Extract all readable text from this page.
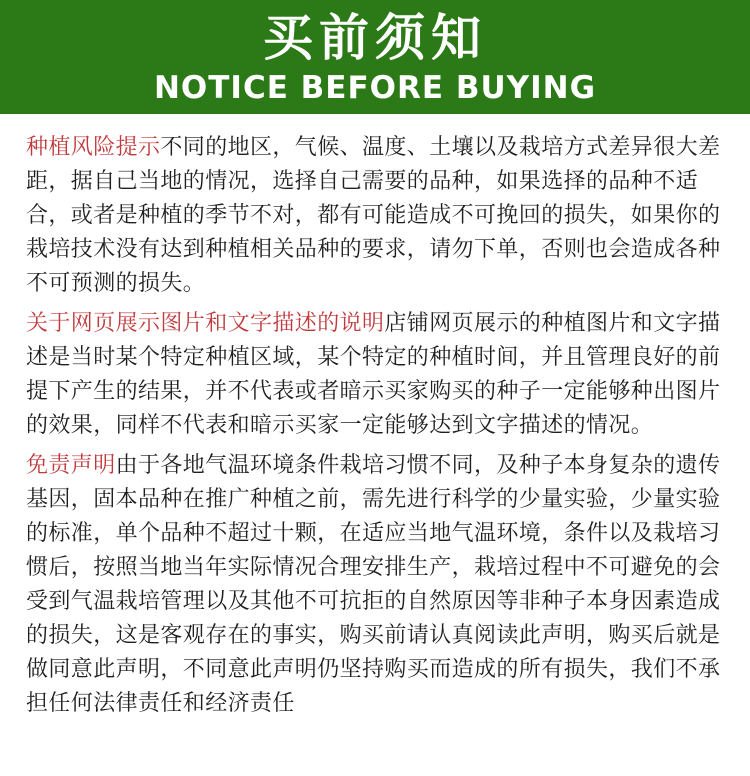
买前须知
NOTICE BEFORE BUYING

种植风险提示不同的地区，气候、温度、土壤以及栽培方式差异很大差距，据自己当地的情况，选择自己需要的品种，如果选择的品种不适合，或者是种植的季节不对，都有可能造成不可挽回的损失，如果你的栽培技术没有达到种植相关品种的要求，请勿下单，否则也会造成各种不可预测的损失。

关于网页展示图片和文字描述的说明店铺网页展示的种植图片和文字描述是当时某个特定种植区域，某个特定的种植时间，并且管理良好的前提下产生的结果，并不代表或者暗示买家购买的种子一定能够种出图片的效果，同样不代表和暗示买家一定能够达到文字描述的情况。

免责声明由于各地气温环境条件栽培习惯不同，及种子本身复杂的遗传基因，固本品种在推广种植之前，需先进行科学的少量实验，少量实验的标准，单个品种不超过十颗，在适应当地气温环境，条件以及栽培习惯后，按照当地当年实际情况合理安排生产，栽培过程中不可避免的会受到气温栽培管理以及其他不可抗拒的自然原因等非种子本身因素造成的损失，这是客观存在的事实，购买前请认真阅读此声明，购买后就是做同意此声明，不同意此声明仍坚持购买而造成的所有损失，我们不承担任何法律责任和经济责任
